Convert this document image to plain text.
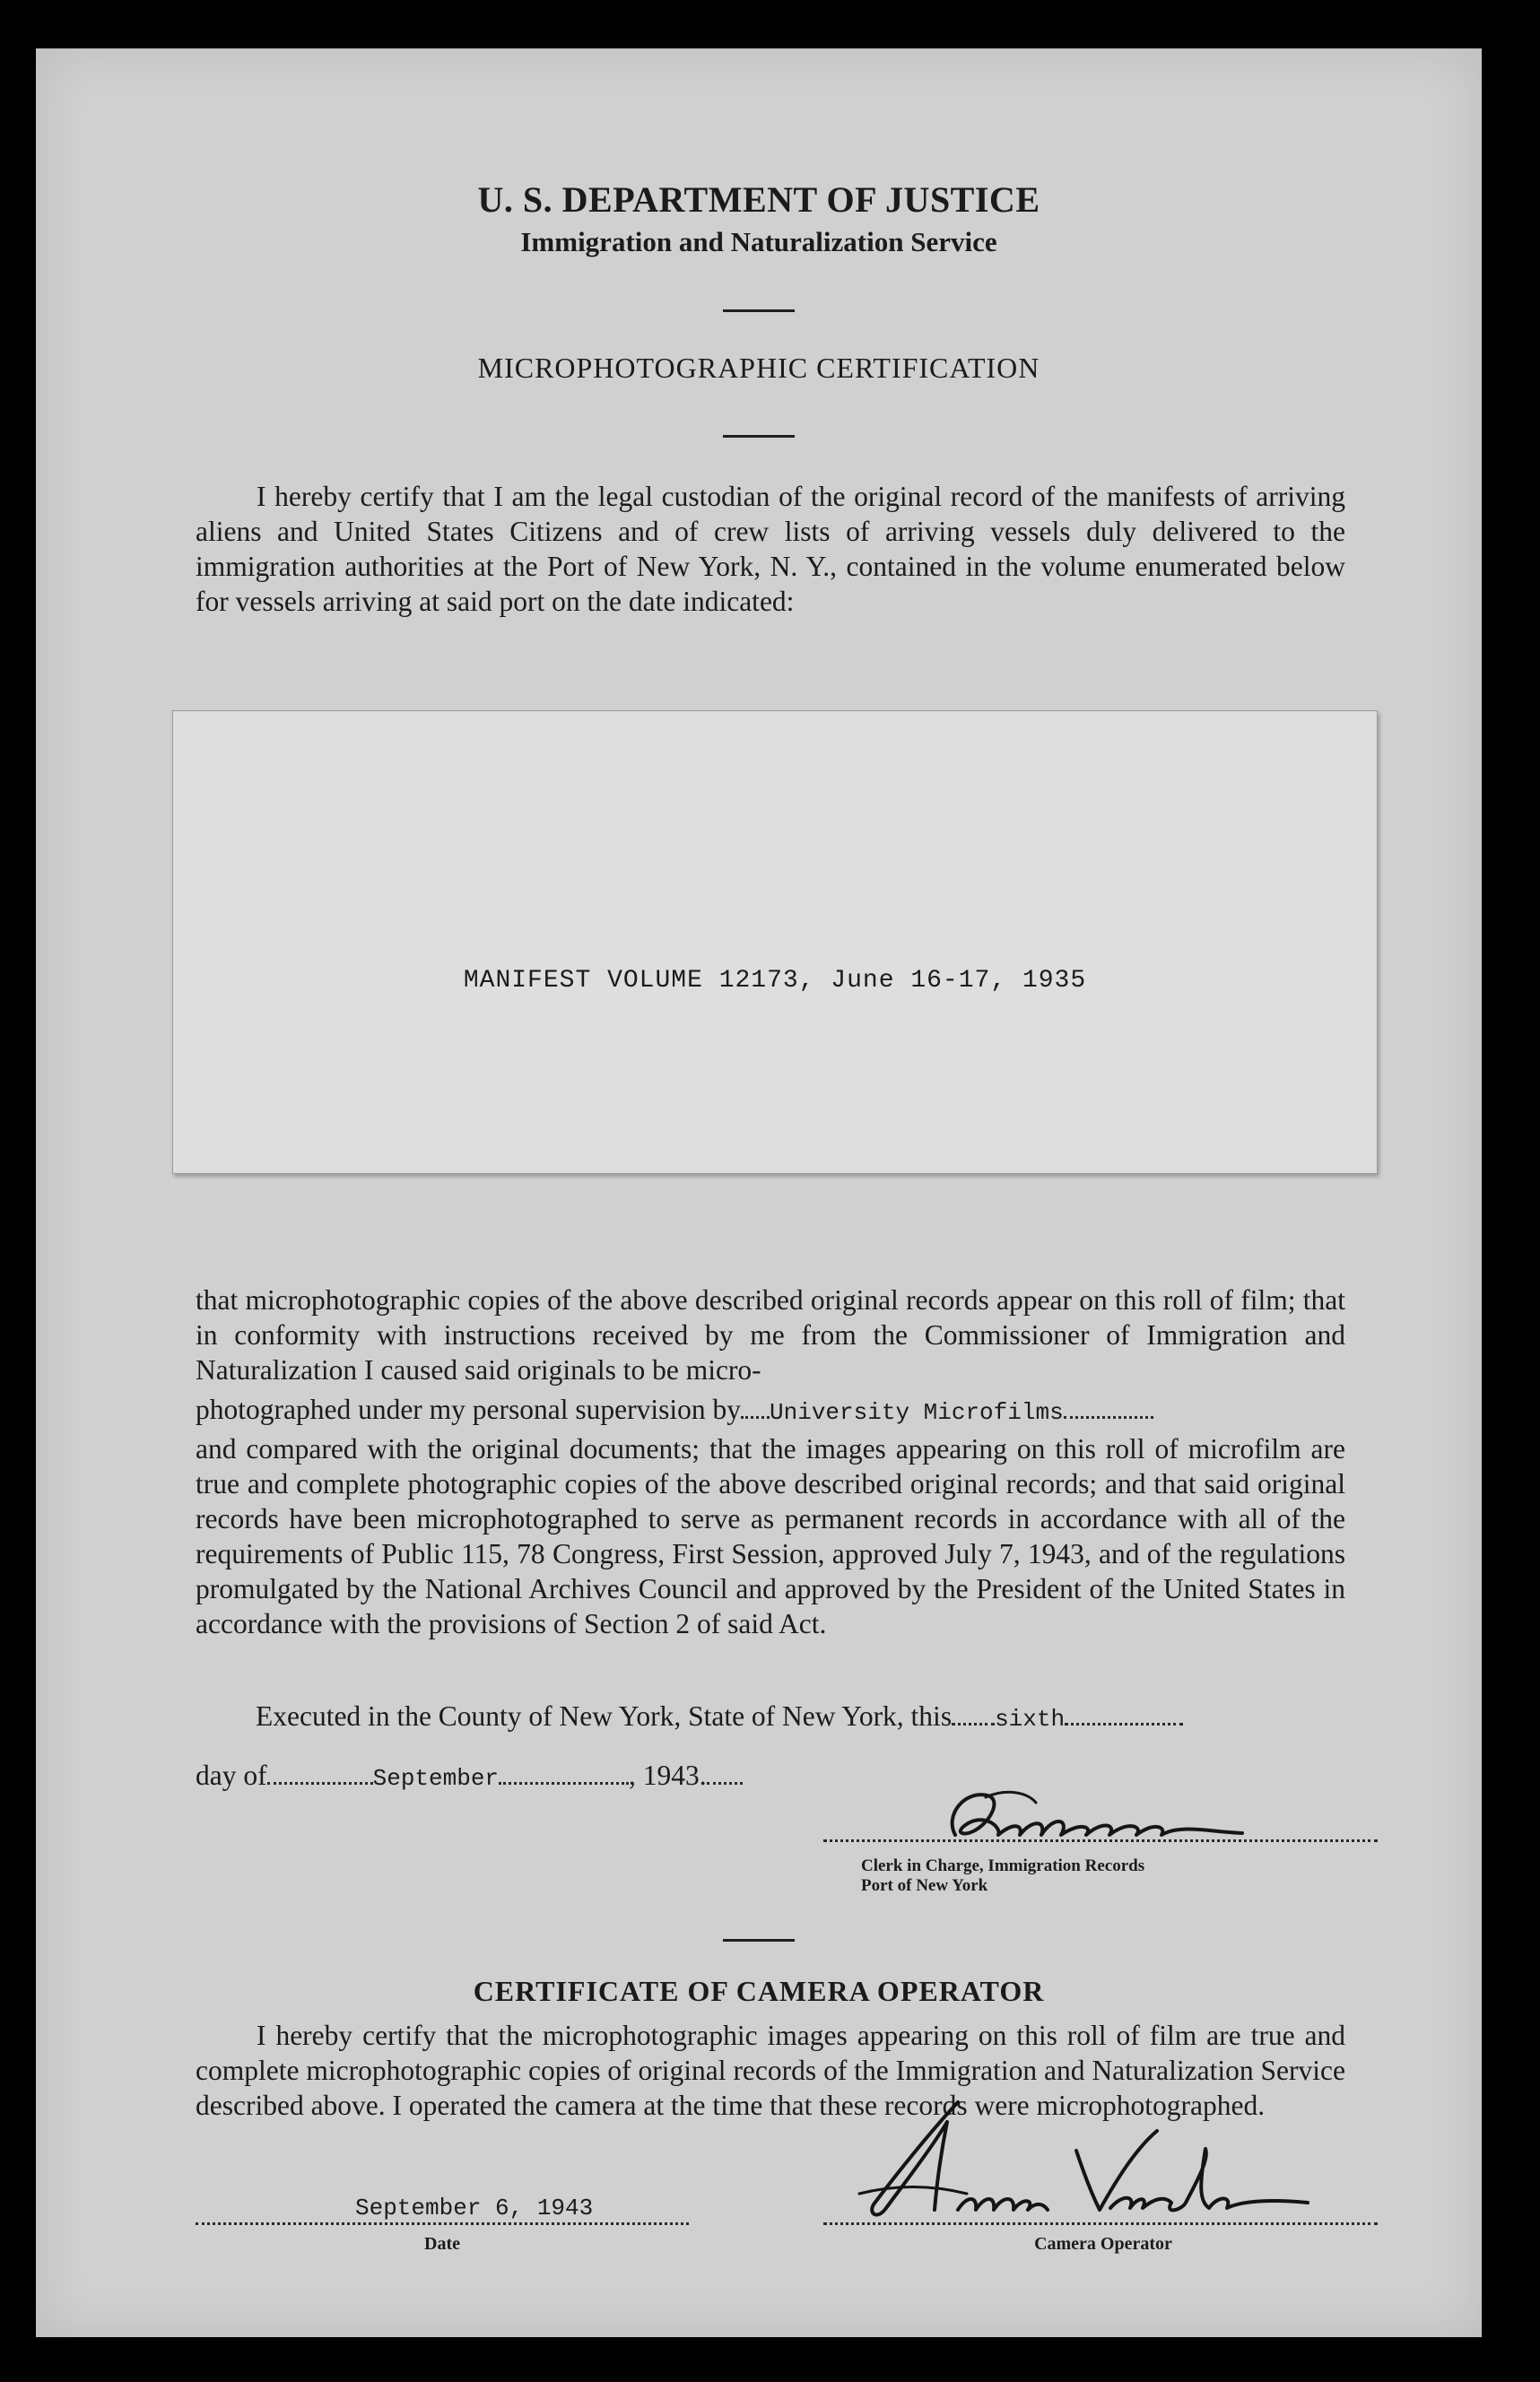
U. S. DEPARTMENT OF JUSTICE
Immigration and Naturalization Service
MICROPHOTOGRAPHIC CERTIFICATION
I hereby certify that I am the legal custodian of the original record of the manifests of arriving aliens and United States Citizens and of crew lists of arriving vessels duly delivered to the immigration authorities at the Port of New York, N. Y., contained in the volume enumerated below for vessels arriving at said port on the date indicated:
MANIFEST VOLUME 12173, June 16-17, 1935
that microphotographic copies of the above described original records appear on this roll of film; that in conformity with instructions received by me from the Commissioner of Immigration and Naturalization I caused said originals to be micro-
photographed under my personal supervision by University Microfilms
and compared with the original documents; that the images appearing on this roll of microfilm are true and complete photographic copies of the above described original records; and that said original records have been microphotographed to serve as permanent records in accordance with all of the requirements of Public 115, 78 Congress, First Session, approved July 7, 1943, and of the regulations promulgated by the National Archives Council and approved by the President of the United States in accordance with the provisions of Section 2 of said Act.
Executed in the County of New York, State of New York, this sixth
day of	September	, 1943.
Clerk in Charge, Immigration Records
Port of New York
CERTIFICATE OF CAMERA OPERATOR
I hereby certify that the microphotographic images appearing on this roll of film are true and complete microphotographic copies of original records of the Immigration and Naturalization Service described above. I operated the camera at the time that these records were microphotographed.
September 6, 1943
Date	Camera Operator
